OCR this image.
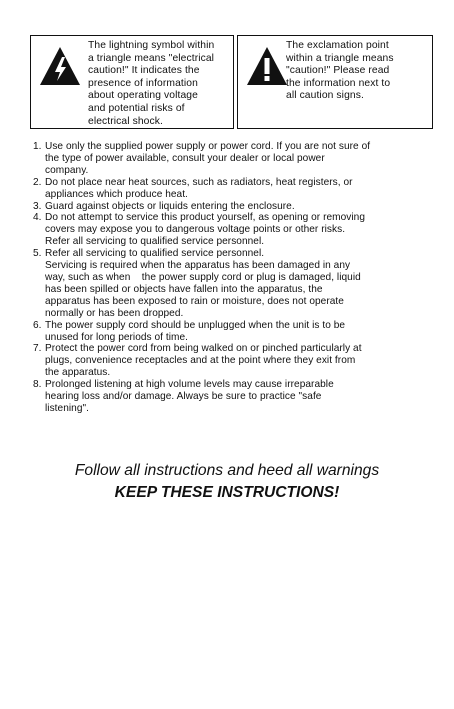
The lightning symbol within
a triangle means "electrical
caution!" It indicates the
presence of information
about operating voltage
and potential risks of
electrical shock.
The exclamation point
within a triangle means
"caution!" Please read
the information next to
all caution signs.
1. Use only the supplied power supply or power cord. If you are not sure of
the type of power available, consult your dealer or local power
company.
2. Do not place near heat sources, such as radiators, heat registers, or
appliances which produce heat.
3. Guard against objects or liquids entering the enclosure.
4. Do not attempt to service this product yourself, as opening or removing
covers may expose you to dangerous voltage points or other risks.
Refer all servicing to qualified service personnel.
5. Refer all servicing to qualified service personnel.
Servicing is required when the apparatus has been damaged in any
way, such as when    the power supply cord or plug is damaged, liquid
has been spilled or objects have fallen into the apparatus, the
apparatus has been exposed to rain or moisture, does not operate
normally or has been dropped.
6. The power supply cord should be unplugged when the unit is to be
unused for long periods of time.
7. Protect the power cord from being walked on or pinched particularly at
plugs, convenience receptacles and at the point where they exit from
the apparatus.
8. Prolonged listening at high volume levels may cause irreparable
hearing loss and/or damage. Always be sure to practice "safe
listening".
Follow all instructions and heed all warnings
KEEP THESE INSTRUCTIONS!
